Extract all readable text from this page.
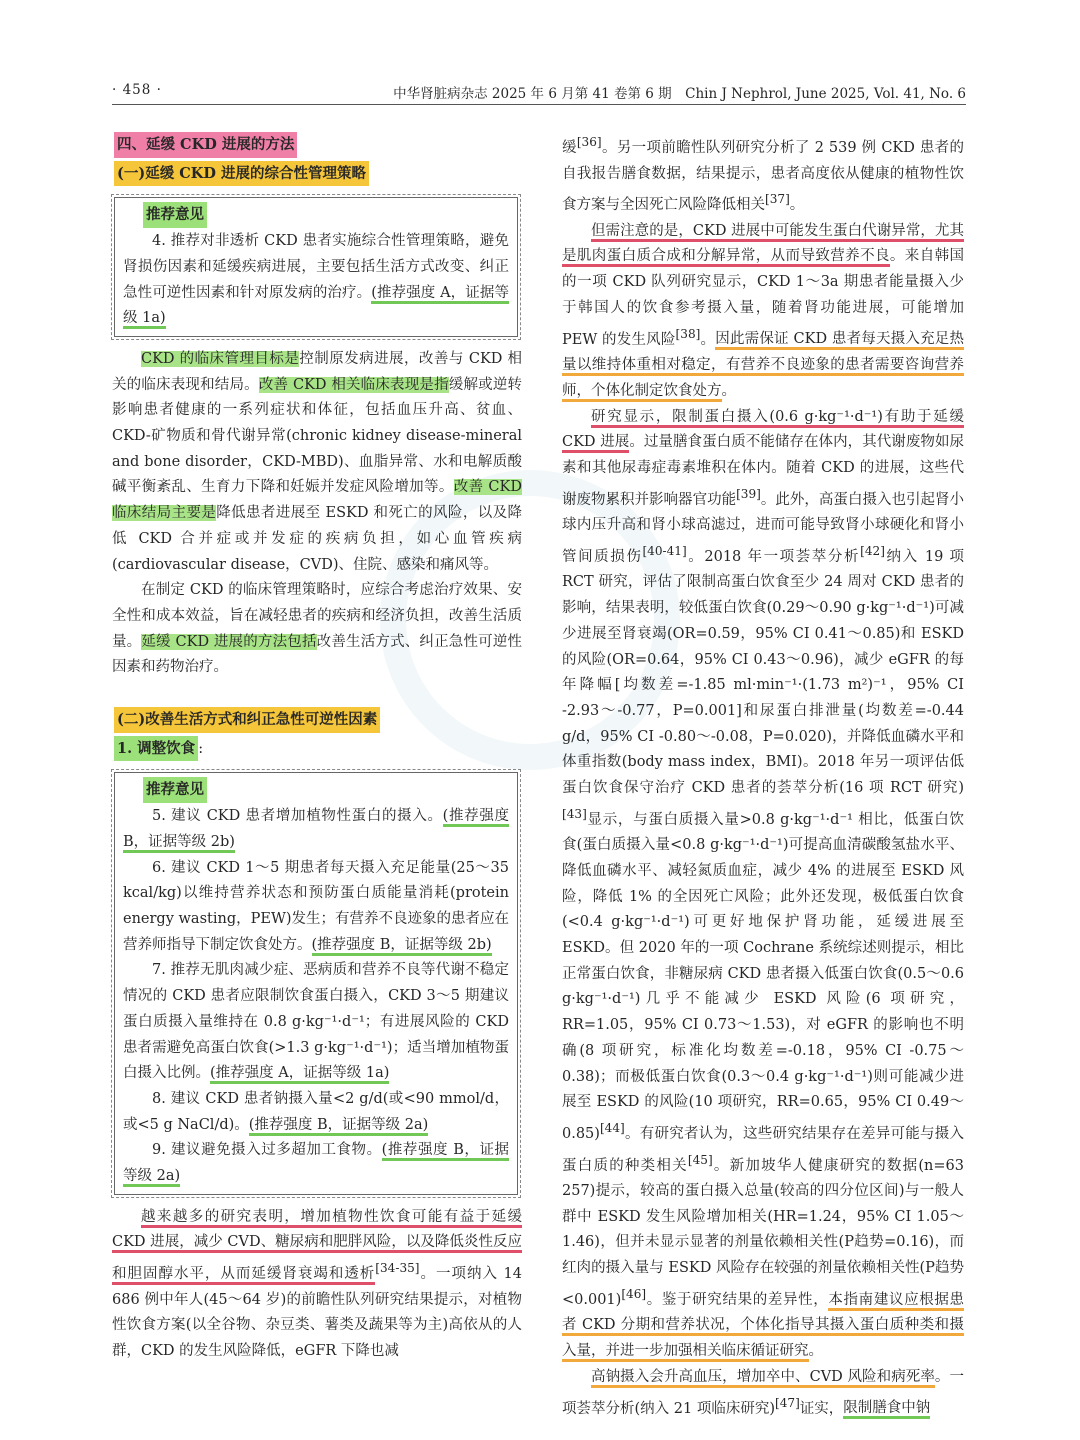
· 458 ·	中华肾脏病杂志 2025 年 6 月第 41 卷第 6 期　Chin J Nephrol, June 2025, Vol. 41, No. 6
四、延缓 CKD 进展的方法
(一)延缓 CKD 进展的综合性管理策略
推荐意见

4. 推荐对非透析 CKD 患者实施综合性管理策略，避免肾损伤因素和延缓疾病进展，主要包括生活方式改变、纠正急性可逆性因素和针对原发病的治疗。(推荐强度 A，证据等级 1a)

CKD 的临床管理目标是控制原发病进展，改善与 CKD 相关的临床表现和结局。改善 CKD 相关临床表现是指缓解或逆转影响患者健康的一系列症状和体征，包括血压升高、贫血、CKD-矿物质和骨代谢异常(chronic kidney disease-mineral and bone disorder，CKD-MBD)、血脂异常、水和电解质酸碱平衡紊乱、生育力下降和妊娠并发症风险增加等。改善 CKD 临床结局主要是降低患者进展至 ESKD 和死亡的风险，以及降低 CKD 合并症或并发症的疾病负担，如心血管疾病(cardiovascular disease，CVD)、住院、感染和痛风等。

在制定 CKD 的临床管理策略时，应综合考虑治疗效果、安全性和成本效益，旨在减轻患者的疾病和经济负担，改善生活质量。延缓 CKD 进展的方法包括改善生活方式、纠正急性可逆性因素和药物治疗。

(二)改善生活方式和纠正急性可逆性因素
1. 调整饮食 :
推荐意见

5. 建议 CKD 患者增加植物性蛋白的摄入。(推荐强度 B，证据等级 2b)

6. 建议 CKD 1～5 期患者每天摄入充足能量(25～35 kcal/kg)以维持营养状态和预防蛋白质能量消耗(protein energy wasting，PEW)发生；有营养不良迹象的患者应在营养师指导下制定饮食处方。(推荐强度 B，证据等级 2b)

7. 推荐无肌肉减少症、恶病质和营养不良等代谢不稳定情况的 CKD 患者应限制饮食蛋白摄入，CKD 3～5 期建议蛋白质摄入量维持在 0.8 g·kg⁻¹·d⁻¹；有进展风险的 CKD 患者需避免高蛋白饮食(>1.3 g·kg⁻¹·d⁻¹)；适当增加植物蛋白摄入比例。(推荐强度 A，证据等级 1a)

8. 建议 CKD 患者钠摄入量<2 g/d(或<90 mmol/d，或<5 g NaCl/d)。(推荐强度 B，证据等级 2a)

9. 建议避免摄入过多超加工食物。(推荐强度 B，证据等级 2a)

越来越多的研究表明，增加植物性饮食可能有益于延缓 CKD 进展，减少 CVD、糖尿病和肥胖风险，以及降低炎性反应和胆固醇水平，从而延缓肾衰竭和透析[34-35]。一项纳入 14 686 例中年人(45～64 岁)的前瞻性队列研究结果提示，对植物性饮食方案(以全谷物、杂豆类、薯类及蔬果等为主)高依从的人群，CKD 的发生风险降低，eGFR 下降也减

缓[36]。另一项前瞻性队列研究分析了 2 539 例 CKD 患者的自我报告膳食数据，结果提示，患者高度依从健康的植物性饮食方案与全因死亡风险降低相关[37]。

但需注意的是，CKD 进展中可能发生蛋白代谢异常，尤其是肌肉蛋白质合成和分解异常，从而导致营养不良。来自韩国的一项 CKD 队列研究显示，CKD 1～3a 期患者能量摄入少于韩国人的饮食参考摄入量，随着肾功能进展，可能增加 PEW 的发生风险[38]。因此需保证 CKD 患者每天摄入充足热量以维持体重相对稳定，有营养不良迹象的患者需要咨询营养师，个体化制定饮食处方。

研究显示，限制蛋白摄入(0.6 g·kg⁻¹·d⁻¹)有助于延缓 CKD 进展。过量膳食蛋白质不能储存在体内，其代谢废物如尿素和其他尿毒症毒素堆积在体内。随着 CKD 的进展，这些代谢废物累积并影响器官功能[39]。此外，高蛋白摄入也引起肾小球内压升高和肾小球高滤过，进而可能导致肾小球硬化和肾小管间质损伤[40-41]。2018 年一项荟萃分析[42]纳入 19 项 RCT 研究，评估了限制高蛋白饮食至少 24 周对 CKD 患者的影响，结果表明，较低蛋白饮食(0.29～0.90 g·kg⁻¹·d⁻¹)可减少进展至肾衰竭(OR=0.59，95% CI 0.41～0.85)和 ESKD 的风险(OR=0.64，95% CI 0.43～0.96)，减少 eGFR 的每年降幅[均数差=-1.85 ml·min⁻¹·(1.73 m²)⁻¹，95% CI -2.93～-0.77，P=0.001]和尿蛋白排泄量(均数差=-0.44 g/d，95% CI -0.80～-0.08，P=0.020)，并降低血磷水平和体重指数(body mass index，BMI)。2018 年另一项评估低蛋白饮食保守治疗 CKD 患者的荟萃分析(16 项 RCT 研究)[43]显示，与蛋白质摄入量>0.8 g·kg⁻¹·d⁻¹ 相比，低蛋白饮食(蛋白质摄入量<0.8 g·kg⁻¹·d⁻¹)可提高血清碳酸氢盐水平、降低血磷水平、减轻氮质血症，减少 4% 的进展至 ESKD 风险，降低 1% 的全因死亡风险；此外还发现，极低蛋白饮食(<0.4 g·kg⁻¹·d⁻¹)可更好地保护肾功能，延缓进展至 ESKD。但 2020 年的一项 Cochrane 系统综述则提示，相比正常蛋白饮食，非糖尿病 CKD 患者摄入低蛋白饮食(0.5～0.6 g·kg⁻¹·d⁻¹)几乎不能减少 ESKD 风险(6 项研究，RR=1.05，95% CI 0.73～1.53)，对 eGFR 的影响也不明确(8 项研究，标准化均数差=-0.18，95% CI -0.75～0.38)；而极低蛋白饮食(0.3～0.4 g·kg⁻¹·d⁻¹)则可能减少进展至 ESKD 的风险(10 项研究，RR=0.65，95% CI 0.49～0.85)[44]。有研究者认为，这些研究结果存在差异可能与摄入蛋白质的种类相关[45]。新加坡华人健康研究的数据(n=63 257)提示，较高的蛋白摄入总量(较高的四分位区间)与一般人群中 ESKD 发生风险增加相关(HR=1.24，95% CI 1.05～1.46)，但并未显示显著的剂量依赖相关性(P趋势=0.16)，而红肉的摄入量与 ESKD 风险存在较强的剂量依赖相关性(P趋势<0.001)[46]。鉴于研究结果的差异性，本指南建议应根据患者 CKD 分期和营养状况，个体化指导其摄入蛋白质种类和摄入量，并进一步加强相关临床循证研究。

高钠摄入会升高血压，增加卒中、CVD 风险和病死率。一项荟萃分析(纳入 21 项临床研究)[47]证实，限制膳食中钠
